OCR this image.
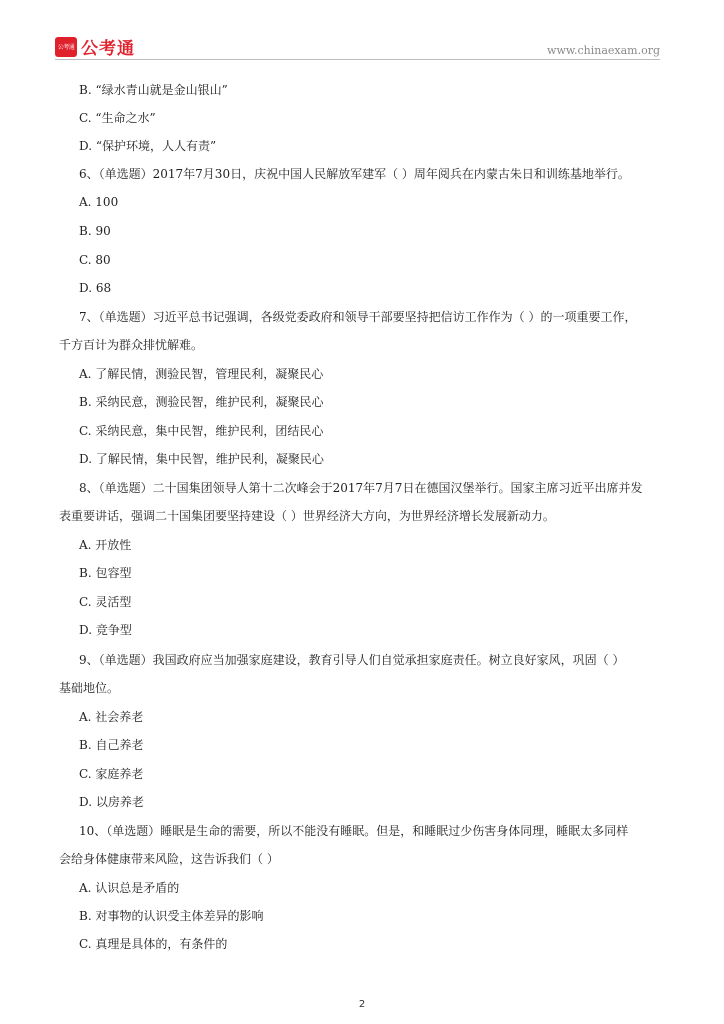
公考通 公考通	www.chinaexam.org
B. “绿水青山就是金山银山”
C. “生命之水”
D. “保护环境，人人有责”
6、（单选题）2017年7月30日，庆祝中国人民解放军建军（ ）周年阅兵在内蒙古朱日和训练基地举行。
A. 100
B. 90
C. 80
D. 68
7、（单选题）习近平总书记强调，各级党委政府和领导干部要坚持把信访工作作为（ ）的一项重要工作，
千方百计为群众排忧解难。
A. 了解民情，测验民智，管理民利，凝聚民心
B. 采纳民意，测验民智，维护民利，凝聚民心
C. 采纳民意，集中民智，维护民利，团结民心
D. 了解民情，集中民智，维护民利，凝聚民心
8、（单选题）二十国集团领导人第十二次峰会于2017年7月7日在德国汉堡举行。国家主席习近平出席并发
表重要讲话，强调二十国集团要坚持建设（ ）世界经济大方向，为世界经济增长发展新动力。
A. 开放性
B. 包容型
C. 灵活型
D. 竞争型
9、（单选题）我国政府应当加强家庭建设，教育引导人们自觉承担家庭责任。树立良好家风，巩固（ ）
基础地位。
A. 社会养老
B. 自己养老
C. 家庭养老
D. 以房养老
10、（单选题）睡眠是生命的需要，所以不能没有睡眠。但是，和睡眠过少伤害身体同理，睡眠太多同样
会给身体健康带来风险，这告诉我们（ ）
A. 认识总是矛盾的
B. 对事物的认识受主体差异的影响
C. 真理是具体的，有条件的
2
